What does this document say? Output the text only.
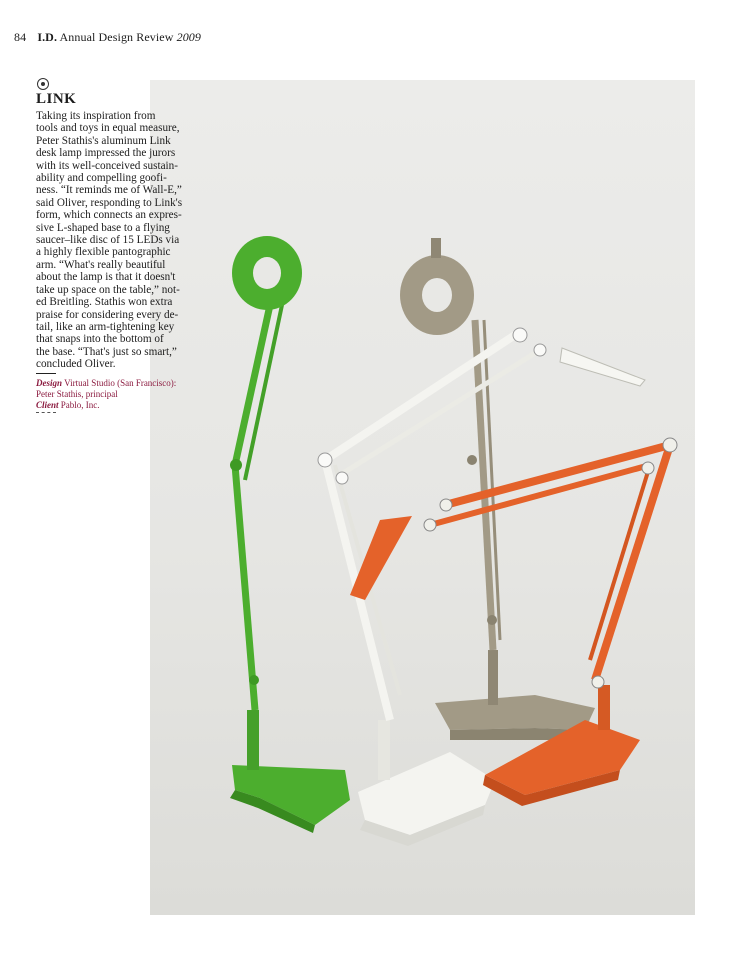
84 I.D. Annual Design Review 2009
LINK
Taking its inspiration from
tools and toys in equal measure,
Peter Stathis's aluminum Link
desk lamp impressed the jurors
with its well-conceived sustain-
ability and compelling goofi-
ness. “It reminds me of Wall-E,”
said Oliver, responding to Link's
form, which connects an expres-
sive L-shaped base to a flying
saucer–like disc of 15 LEDs via
a highly flexible pantographic
arm. “What's really beautiful
about the lamp is that it doesn't
take up space on the table,” not-
ed Breitling. Stathis won extra
praise for considering every de-
tail, like an arm-tightening key
that snaps into the bottom of
the base. “That's just so smart,”
concluded Oliver.
Design Virtual Studio (San Francisco):
Peter Stathis, principal
Client Pablo, Inc.
